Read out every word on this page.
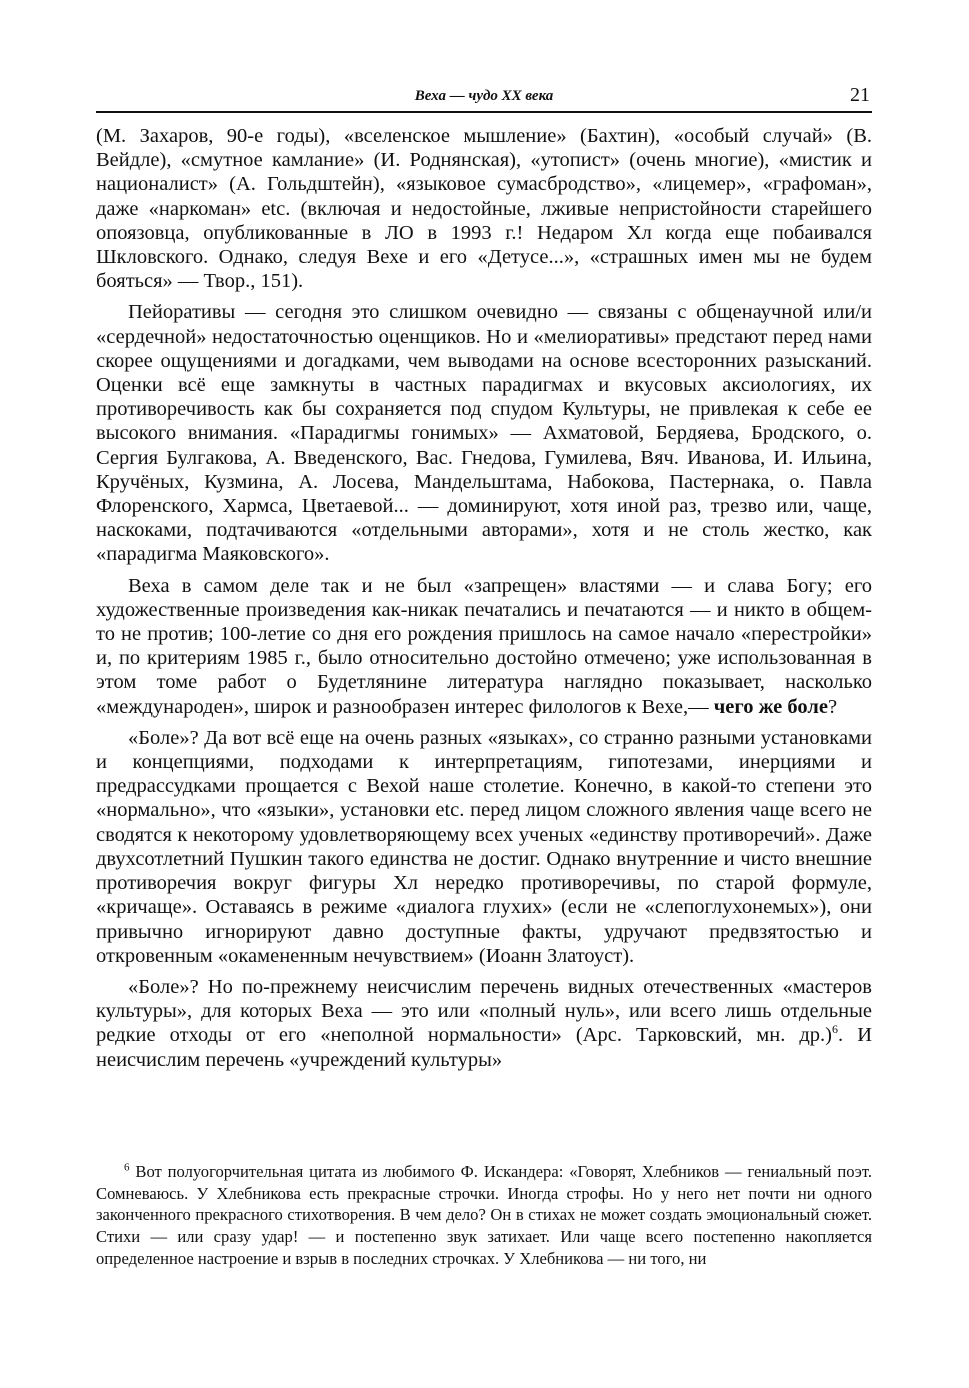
Веха — чудо XX века	21

(М. Захаров, 90-е годы), «вселенское мышление» (Бахтин), «особый случай» (В. Вейдле), «смутное камлание» (И. Роднянская), «утопист» (очень многие), «мистик и националист» (А. Гольдштейн), «языковое сумасбродство», «лицемер», «графоман», даже «наркоман» etc. (включая и недостойные, лживые непристойности старейшего опоязовца, опубликованные в ЛО в 1993 г.! Недаром Хл когда еще побаивался Шкловского. Однако, следуя Вехе и его «Детусе...», «страшных имен мы не будем бояться» — Твор., 151).

Пейоративы — сегодня это слишком очевидно — связаны с общенаучной или/и «сердечной» недостаточностью оценщиков. Но и «мелиоративы» предстают перед нами скорее ощущениями и догадками, чем выводами на основе всесторонних разысканий. Оценки всё еще замкнуты в частных парадигмах и вкусовых аксиологиях, их противоречивость как бы сохраняется под спудом Культуры, не привлекая к себе ее высокого внимания. «Парадигмы гонимых» — Ахматовой, Бердяева, Бродского, о. Сергия Булгакова, А. Введенского, Вас. Гнедова, Гумилева, Вяч. Иванова, И. Ильина, Кручёных, Кузмина, А. Лосева, Мандельштама, Набокова, Пастернака, о. Павла Флоренского, Хармса, Цветаевой... — доминируют, хотя иной раз, трезво или, чаще, наскоками, подтачиваются «отдельными авторами», хотя и не столь жестко, как «парадигма Маяковского».

Веха в самом деле так и не был «запрещен» властями — и слава Богу; его художественные произведения как-никак печатались и печатаются — и никто в общем-то не против; 100-летие со дня его рождения пришлось на самое начало «перестройки» и, по критериям 1985 г., было относительно достойно отмечено; уже использованная в этом томе работ о Будетлянине литература наглядно показывает, насколько «международен», широк и разнообразен интерес филологов к Вехе,— чего же боле?

«Боле»? Да вот всё еще на очень разных «языках», со странно разными установками и концепциями, подходами к интерпретациям, гипотезами, инерциями и предрассудками прощается с Вехой наше столетие. Конечно, в какой-то степени это «нормально», что «языки», установки etc. перед лицом сложного явления чаще всего не сводятся к некоторому удовлетворяющему всех ученых «единству противоречий». Даже двухсотлетний Пушкин такого единства не достиг. Однако внутренние и чисто внешние противоречия вокруг фигуры Хл нередко противоречивы, по старой формуле, «кричаще». Оставаясь в режиме «диалога глухих» (если не «слепоглухонемых»), они привычно игнорируют давно доступные факты, удручают предвзятостью и откровенным «окамененным нечувствием» (Иоанн Златоуст).

«Боле»? Но по-прежнему неисчислим перечень видных отечественных «мастеров культуры», для которых Веха — это или «полный нуль», или всего лишь отдельные редкие отходы от его «неполной нормальности» (Арс. Тарковский, мн. др.)$^6$. И неисчислим перечень «учреждений культуры»

$^6$ Вот полуогорчительная цитата из любимого Ф. Искандера: «Говорят, Хлебников — гениальный поэт. Сомневаюсь. У Хлебникова есть прекрасные строчки. Иногда строфы. Но у него нет почти ни одного законченного прекрасного стихотворения. В чем дело? Он в стихах не может создать эмоциональный сюжет. Стихи — или сразу удар! — и постепенно звук затихает. Или чаще всего постепенно накопляется определенное настроение и взрыв в последних строчках. У Хлебникова — ни того, ни
